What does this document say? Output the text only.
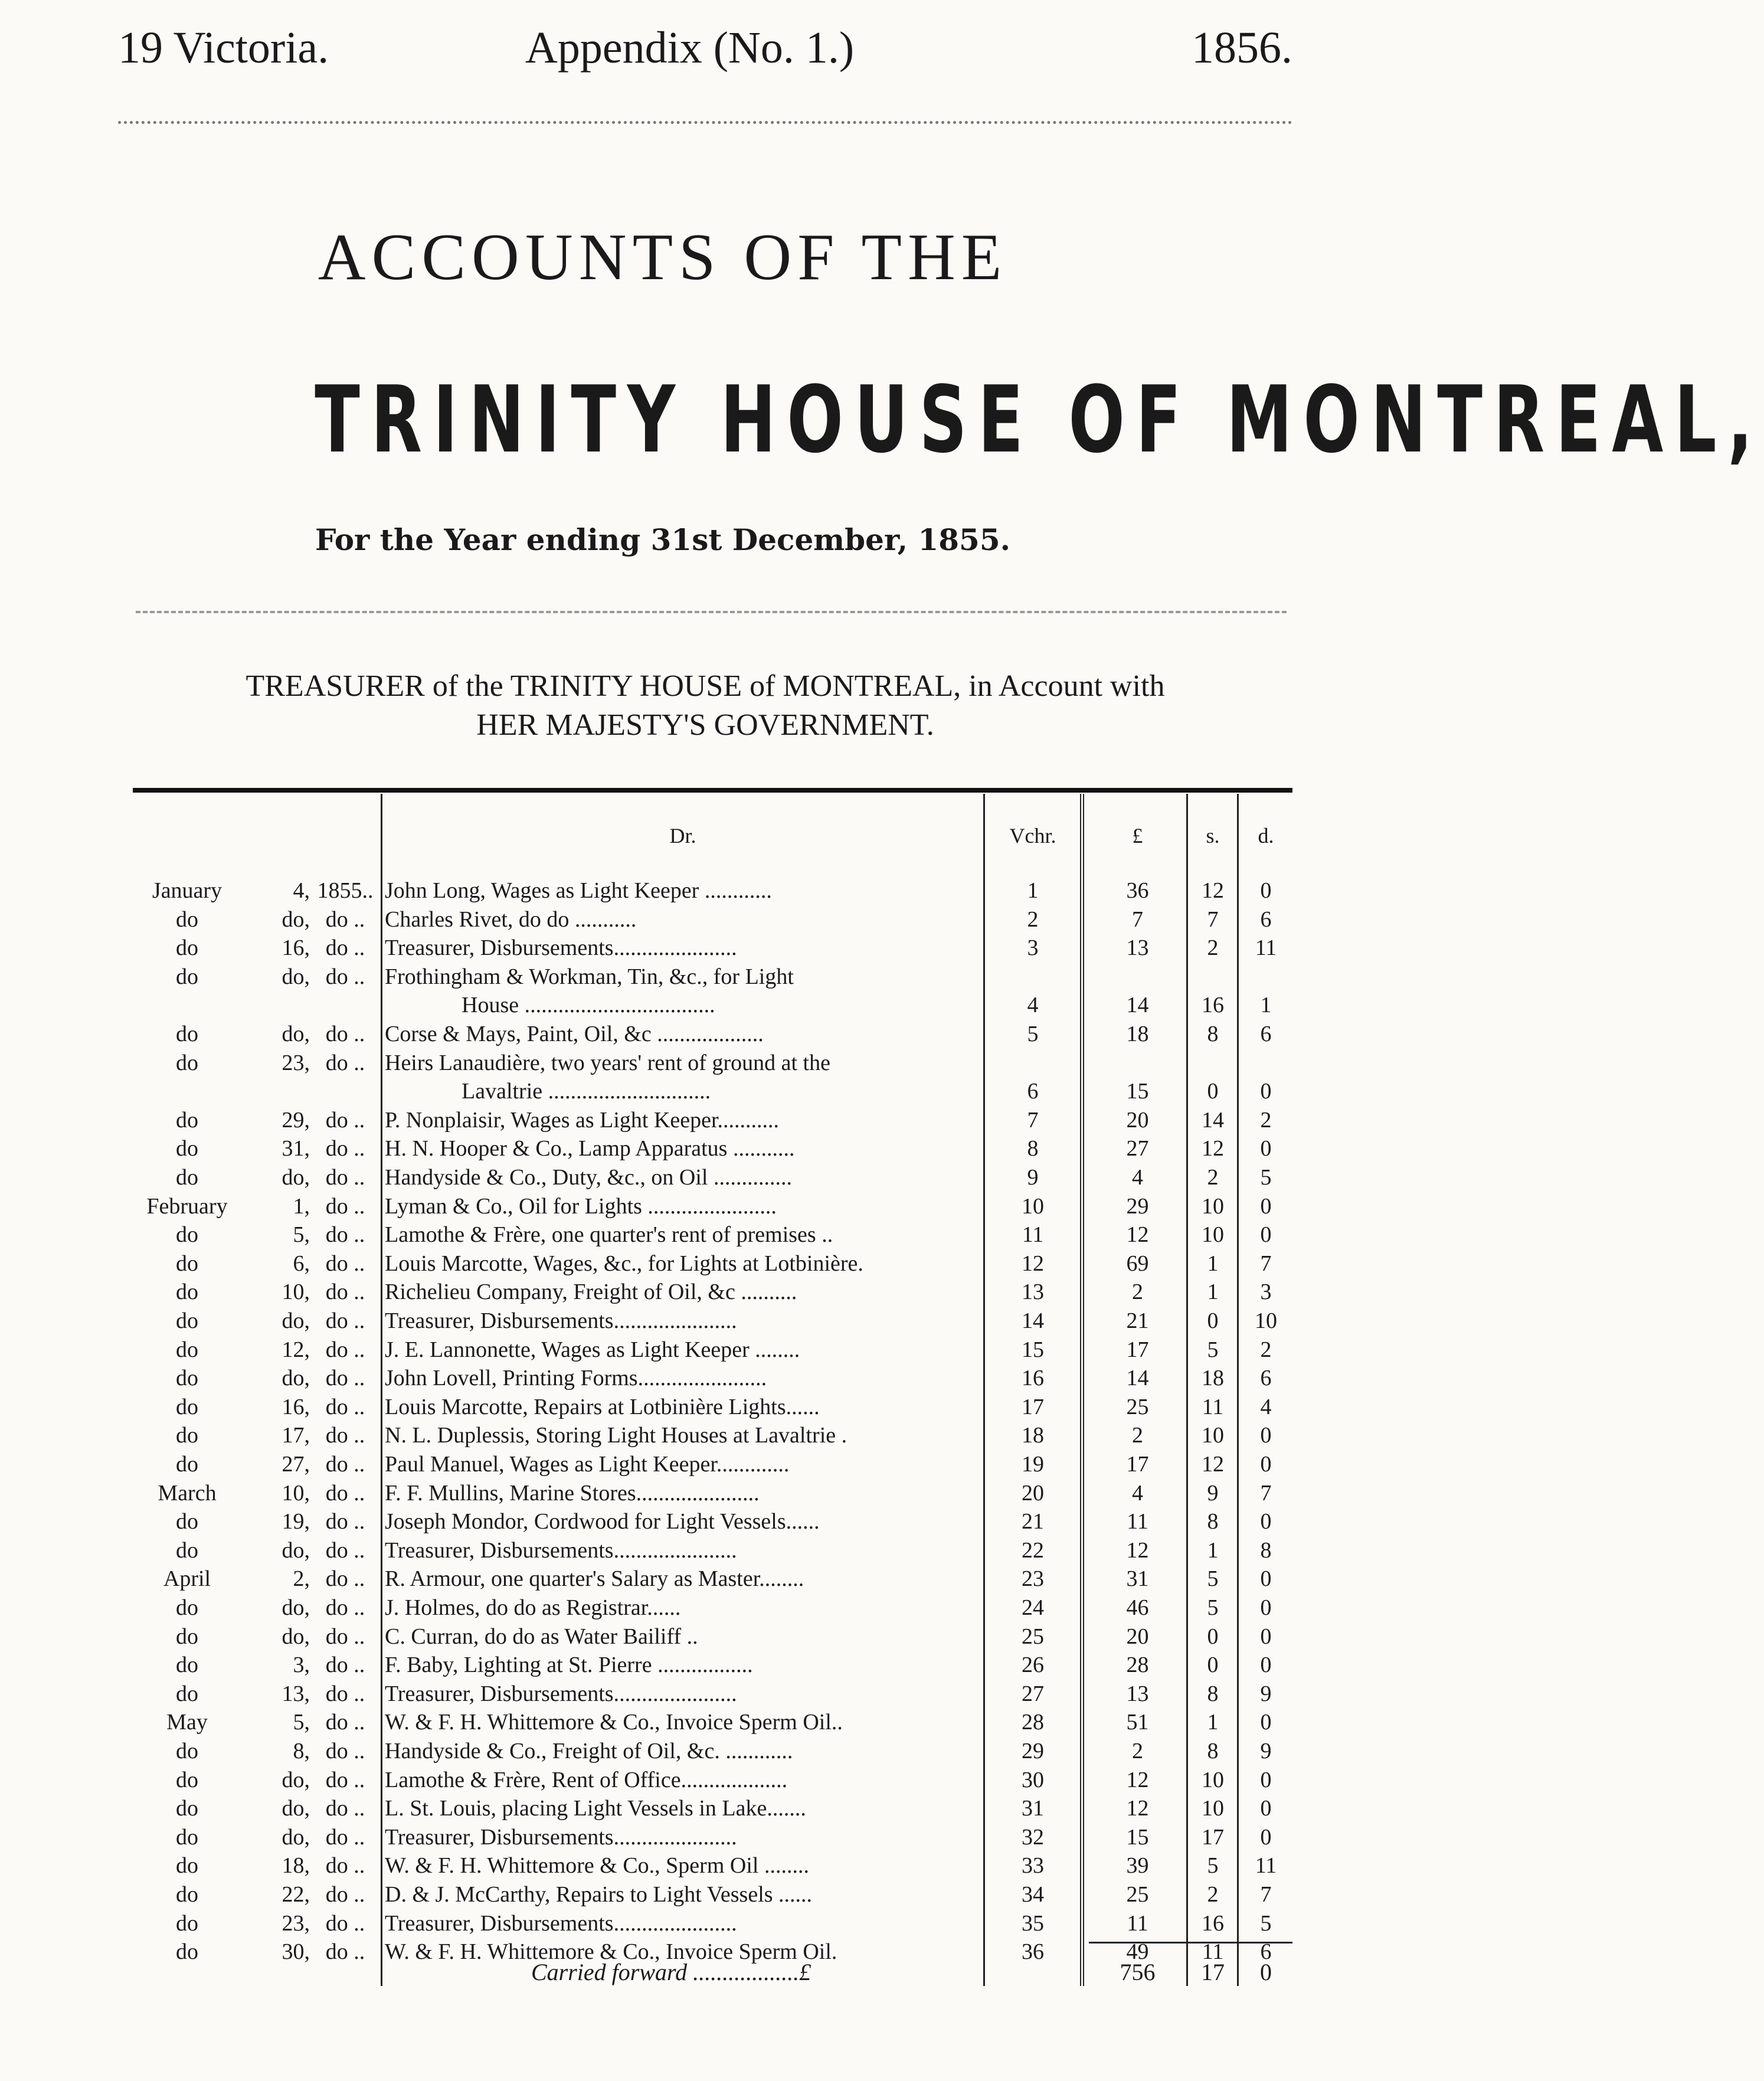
19 Victoria.	Appendix (No. 1.)	1856.
ACCOUNTS OF THE
TRINITY HOUSE OF MONTREAL,
For the Year ending 31st December, 1855.
TREASURER of the TRINITY HOUSE of MONTREAL, in Account with
HER MAJESTY'S GOVERNMENT.
Dr.	Vchr.	£	s.	d.
January	4, 1855.. John Long, Wages as Light Keeper ............	1	36	12	0
do	do, do .. Charles Rivet, do do ...........	2	7	7	6
do	16, do .. Treasurer, Disbursements......................	3	13	2	11
do	do, do .. Frothingham & Workman, Tin, &c., for Light
House ..................................	4	14	16	1
do	do, do .. Corse & Mays, Paint, Oil, &c ...................	5	18	8	6
do	23, do .. Heirs Lanaudière, two years' rent of ground at the
Lavaltrie .............................	6	15	0	0
do	29, do .. P. Nonplaisir, Wages as Light Keeper...........	7	20	14	2
do	31, do .. H. N. Hooper & Co., Lamp Apparatus ...........	8	27	12	0
do	do, do .. Handyside & Co., Duty, &c., on Oil ..............	9	4	2	5
February	1, do .. Lyman & Co., Oil for Lights .......................	10	29	10	0
do	5, do .. Lamothe & Frère, one quarter's rent of premises ..	11	12	10	0
do	6, do .. Louis Marcotte, Wages, &c., for Lights at Lotbinière.	12	69	1	7
do	10, do .. Richelieu Company, Freight of Oil, &c ..........	13	2	1	3
do	do, do .. Treasurer, Disbursements......................	14	21	0	10
do	12, do .. J. E. Lannonette, Wages as Light Keeper ........	15	17	5	2
do	do, do .. John Lovell, Printing Forms.......................	16	14	18	6
do	16, do .. Louis Marcotte, Repairs at Lotbinière Lights......	17	25	11	4
do	17, do .. N. L. Duplessis, Storing Light Houses at Lavaltrie .	18	2	10	0
do	27, do .. Paul Manuel, Wages as Light Keeper.............	19	17	12	0
March	10, do .. F. F. Mullins, Marine Stores......................	20	4	9	7
do	19, do .. Joseph Mondor, Cordwood for Light Vessels......	21	11	8	0
do	do, do .. Treasurer, Disbursements......................	22	12	1	8
April	2, do .. R. Armour, one quarter's Salary as Master........	23	31	5	0
do	do, do .. J. Holmes, do do as Registrar......	24	46	5	0
do	do, do .. C. Curran, do do as Water Bailiff ..	25	20	0	0
do	3, do .. F. Baby, Lighting at St. Pierre .................	26	28	0	0
do	13, do .. Treasurer, Disbursements......................	27	13	8	9
May	5, do .. W. & F. H. Whittemore & Co., Invoice Sperm Oil..	28	51	1	0
do	8, do .. Handyside & Co., Freight of Oil, &c. ............	29	2	8	9
do	do, do .. Lamothe & Frère, Rent of Office...................	30	12	10	0
do	do, do .. L. St. Louis, placing Light Vessels in Lake.......	31	12	10	0
do	do, do .. Treasurer, Disbursements......................	32	15	17	0
do	18, do .. W. & F. H. Whittemore & Co., Sperm Oil ........	33	39	5	11
do	22, do .. D. & J. McCarthy, Repairs to Light Vessels ......	34	25	2	7
do	23, do .. Treasurer, Disbursements......................	35	11	16	5
do	30, do .. W. & F. H. Whittemore & Co., Invoice Sperm Oil.	36	49	11	6
Carried forward ..................£	756	17	0
